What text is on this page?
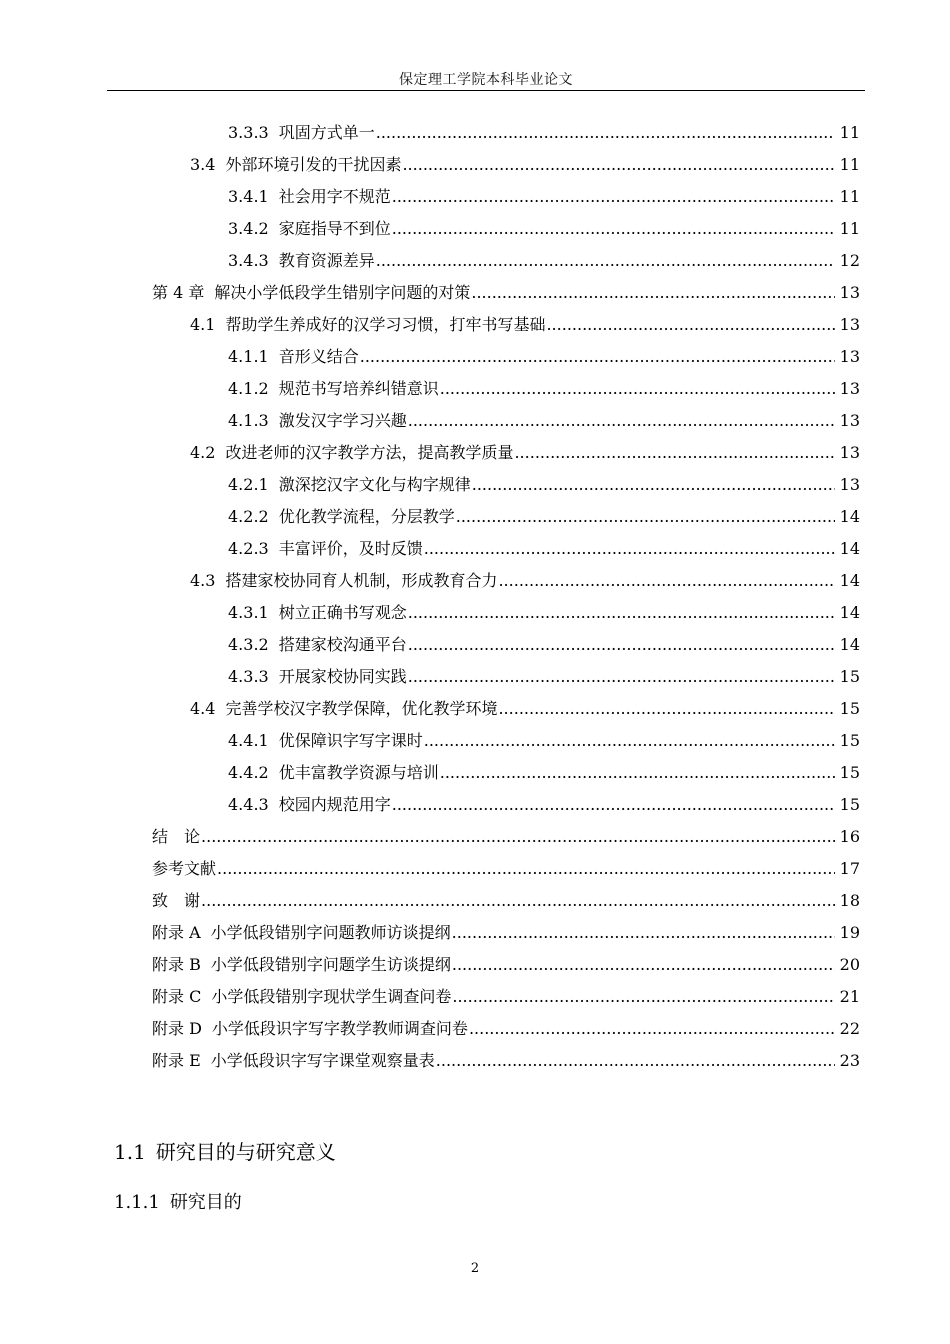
保定理工学院本科毕业论文
3.3.3 巩固方式单一 .....	11
3.4 外部环境引发的干扰因素 .....	11
3.4.1 社会用字不规范 .....	11
3.4.2 家庭指导不到位 .....	11
3.4.3 教育资源差异 .....	12
第 4 章 解决小学低段学生错别字问题的对策 .....	13
4.1 帮助学生养成好的汉学习习惯，打牢书写基础 .....	13
4.1.1 音形义结合 .....	13
4.1.2 规范书写培养纠错意识 .....	13
4.1.3 激发汉字学习兴趣 .....	13
4.2 改进老师的汉字教学方法，提高教学质量 .....	13
4.2.1 激深挖汉字文化与构字规律 .....	13
4.2.2 优化教学流程，分层教学 .....	14
4.2.3 丰富评价，及时反馈 .....	14
4.3 搭建家校协同育人机制，形成教育合力 .....	14
4.3.1 树立正确书写观念 .....	14
4.3.2 搭建家校沟通平台 .....	14
4.3.3 开展家校协同实践 .....	15
4.4 完善学校汉字教学保障，优化教学环境 .....	15
4.4.1 优保障识字写字课时 .....	15
4.4.2 优丰富教学资源与培训 .....	15
4.4.3 校园内规范用字 .....	15
结　论 .....	16
参考文献 .....	17
致　谢 .....	18
附录 A 小学低段错别字问题教师访谈提纲 .....	19
附录 B 小学低段错别字问题学生访谈提纲 .....	20
附录 C 小学低段错别字现状学生调查问卷 .....	21
附录 D 小学低段识字写字教学教师调查问卷 .....	22
附录 E 小学低段识字写字课堂观察量表 .....	23
1.1 研究目的与研究意义
1.1.1 研究目的
2
